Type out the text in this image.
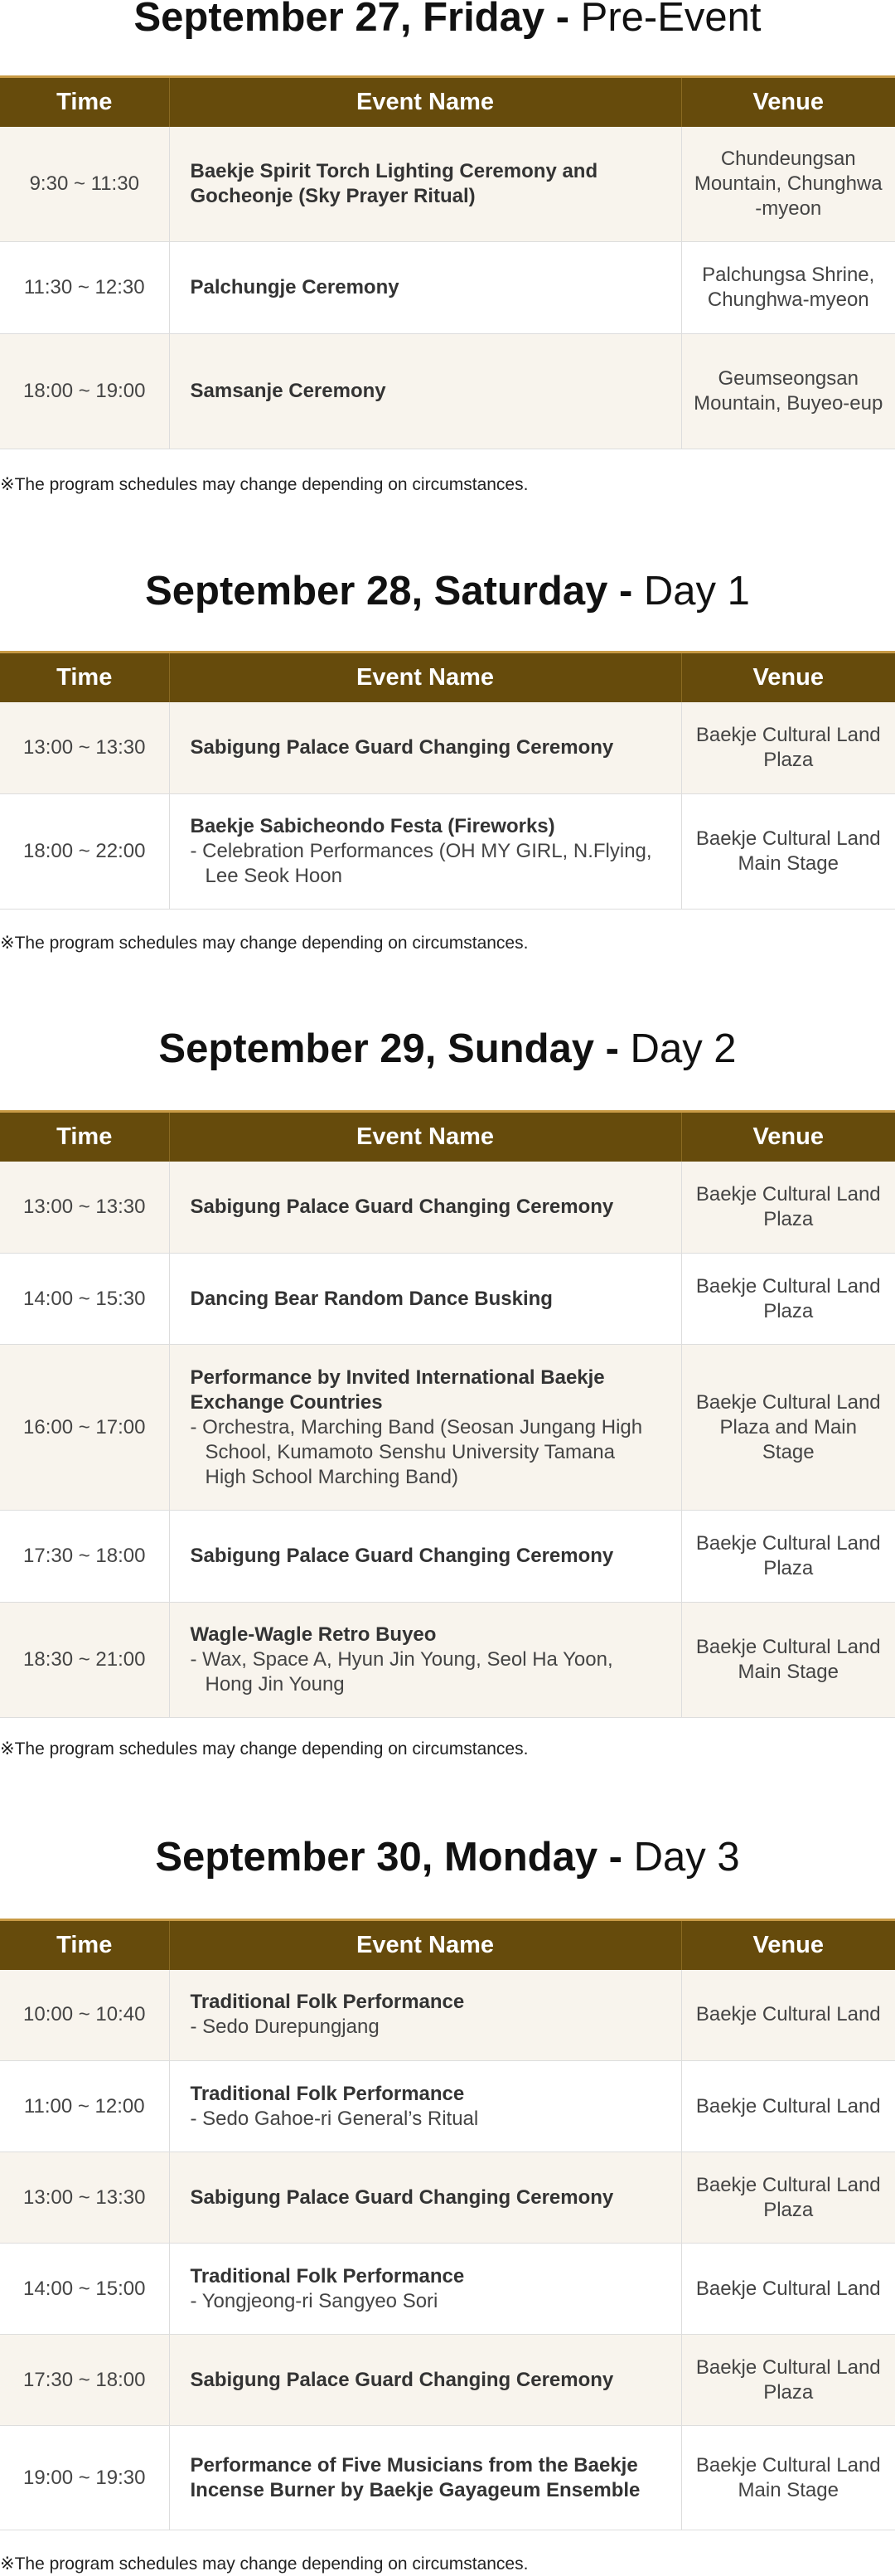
September 27, Friday - Pre-Event
Time	Event Name	Venue
9:30 ~ 11:30	Baekje Spirit Torch Lighting Ceremony and Gocheonje (Sky Prayer Ritual)	Chundeungsan Mountain, Chunghwa -myeon
11:30 ~ 12:30	Palchungje Ceremony	Palchungsa Shrine, Chunghwa-myeon
18:00 ~ 19:00	Samsanje Ceremony	Geumseongsan Mountain, Buyeo-eup

※The program schedules may change depending on circumstances.

September 28, Saturday - Day 1
Time	Event Name	Venue
13:00 ~ 13:30	Sabigung Palace Guard Changing Ceremony	Baekje Cultural Land Plaza
18:00 ~ 22:00	Baekje Sabicheondo Festa (Fireworks)
- Celebration Performances (OH MY GIRL, N.Flying, Lee Seok Hoon	Baekje Cultural Land Main Stage

※The program schedules may change depending on circumstances.

September 29, Sunday - Day 2
Time	Event Name	Venue
13:00 ~ 13:30	Sabigung Palace Guard Changing Ceremony	Baekje Cultural Land Plaza
14:00 ~ 15:30	Dancing Bear Random Dance Busking	Baekje Cultural Land Plaza
16:00 ~ 17:00	Performance by Invited International Baekje Exchange Countries
- Orchestra, Marching Band (Seosan Jungang High School, Kumamoto Senshu University Tamana High School Marching Band)	Baekje Cultural Land Plaza and Main Stage
17:30 ~ 18:00	Sabigung Palace Guard Changing Ceremony	Baekje Cultural Land Plaza
18:30 ~ 21:00	Wagle-Wagle Retro Buyeo
- Wax, Space A, Hyun Jin Young, Seol Ha Yoon, Hong Jin Young	Baekje Cultural Land Main Stage

※The program schedules may change depending on circumstances.

September 30, Monday - Day 3
Time	Event Name	Venue
10:00 ~ 10:40	Traditional Folk Performance
- Sedo Durepungjang	Baekje Cultural Land
11:00 ~ 12:00	Traditional Folk Performance
- Sedo Gahoe-ri General’s Ritual	Baekje Cultural Land
13:00 ~ 13:30	Sabigung Palace Guard Changing Ceremony	Baekje Cultural Land Plaza
14:00 ~ 15:00	Traditional Folk Performance
- Yongjeong-ri Sangyeo Sori	Baekje Cultural Land
17:30 ~ 18:00	Sabigung Palace Guard Changing Ceremony	Baekje Cultural Land Plaza
19:00 ~ 19:30	Performance of Five Musicians from the Baekje Incense Burner by Baekje Gayageum Ensemble	Baekje Cultural Land Main Stage

※The program schedules may change depending on circumstances.
